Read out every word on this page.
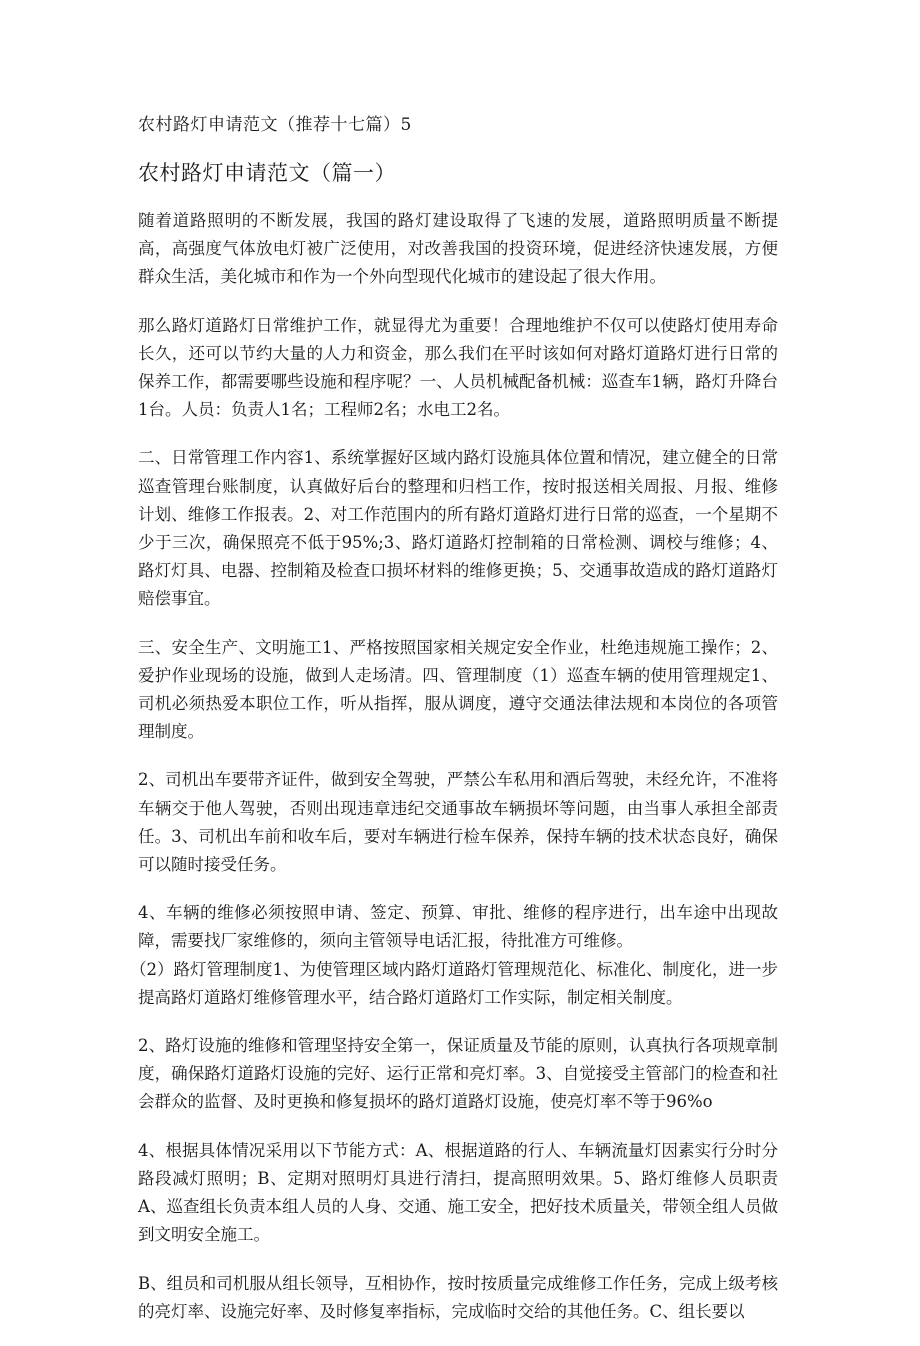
农村路灯申请范文（推荐十七篇）5
农村路灯申请范文（篇一）

随着道路照明的不断发展，我国的路灯建设取得了飞速的发展，道路照明质量不断提高，高强度气体放电灯被广泛使用，对改善我国的投资环境，促进经济快速发展，方便群众生活，美化城市和作为一个外向型现代化城市的建设起了很大作用。

那么路灯道路灯日常维护工作，就显得尤为重要！合理地维护不仅可以使路灯使用寿命长久，还可以节约大量的人力和资金，那么我们在平时该如何对路灯道路灯进行日常的保养工作，都需要哪些设施和程序呢？一、人员机械配备机械：巡查车1辆，路灯升降台1台。人员：负责人1名；工程师2名；水电工2名。

二、日常管理工作内容1、系统掌握好区域内路灯设施具体位置和情况，建立健全的日常巡查管理台账制度，认真做好后台的整理和归档工作，按时报送相关周报、月报、维修计划、维修工作报表。2、对工作范围内的所有路灯道路灯进行日常的巡查，一个星期不少于三次，确保照亮不低于95%;3、路灯道路灯控制箱的日常检测、调校与维修；4、路灯灯具、电器、控制箱及检查口损坏材料的维修更换；5、交通事故造成的路灯道路灯赔偿事宜。

三、安全生产、文明施工1、严格按照国家相关规定安全作业，杜绝违规施工操作；2、爱护作业现场的设施，做到人走场清。四、管理制度（1）巡查车辆的使用管理规定1、司机必须热爱本职位工作，听从指挥，服从调度，遵守交通法律法规和本岗位的各项管理制度。

2、司机出车要带齐证件，做到安全驾驶，严禁公车私用和酒后驾驶，未经允许，不准将车辆交于他人驾驶，否则出现违章违纪交通事故车辆损坏等问题，由当事人承担全部责任。3、司机出车前和收车后，要对车辆进行检车保养，保持车辆的技术状态良好，确保可以随时接受任务。

4、车辆的维修必须按照申请、签定、预算、审批、维修的程序进行，出车途中出现故障，需要找厂家维修的，须向主管领导电话汇报，待批准方可维修。

（2）路灯管理制度1、为使管理区域内路灯道路灯管理规范化、标准化、制度化，进一步提高路灯道路灯维修管理水平，结合路灯道路灯工作实际，制定相关制度。

2、路灯设施的维修和管理坚持安全第一，保证质量及节能的原则，认真执行各项规章制度，确保路灯道路灯设施的完好、运行正常和亮灯率。3、自觉接受主管部门的检查和社会群众的监督、及时更换和修复损坏的路灯道路灯设施，使亮灯率不等于96%o

4、根据具体情况采用以下节能方式：A、根据道路的行人、车辆流量灯因素实行分时分路段减灯照明；B、定期对照明灯具进行清扫，提高照明效果。5、路灯维修人员职责A、巡查组长负责本组人员的人身、交通、施工安全，把好技术质量关，带领全组人员做到文明安全施工。

B、组员和司机服从组长领导，互相协作，按时按质量完成维修工作任务，完成上级考核的亮灯率、设施完好率、及时修复率指标，完成临时交给的其他任务。C、组长要以
